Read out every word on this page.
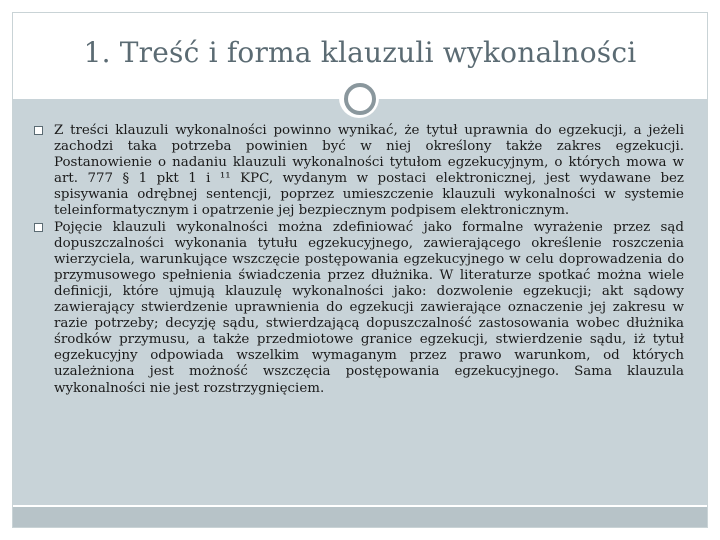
1. Treść i forma klauzuli wykonalności
Z treści klauzuli wykonalności powinno wynikać, że tytuł uprawnia do egzekucji, a jeżeli zachodzi taka potrzeba powinien być w niej określony także zakres egzekucji. Postanowienie o nadaniu klauzuli wykonalności tytułom egzekucyjnym, o których mowa w art. 777 § 1 pkt 1 i ¹¹ KPC, wydanym w postaci elektronicznej, jest wydawane bez spisywania odrębnej sentencji, poprzez umieszczenie klauzuli wykonalności w systemie teleinformatycznym i opatrzenie jej bezpiecznym podpisem elektronicznym.
Pojęcie klauzuli wykonalności można zdefiniować jako formalne wyrażenie przez sąd dopuszczalności wykonania tytułu egzekucyjnego, zawierającego określenie roszczenia wierzyciela, warunkujące wszczęcie postępowania egzekucyjnego w celu doprowadzenia do przymusowego spełnienia świadczenia przez dłużnika. W literaturze spotkać można wiele definicji, które ujmują klauzulę wykonalności jako: dozwolenie egzekucji; akt sądowy zawierający stwierdzenie uprawnienia do egzekucji zawierające oznaczenie jej zakresu w razie potrzeby; decyzję sądu, stwierdzającą dopuszczalność zastosowania wobec dłużnika środków przymusu, a także przedmiotowe granice egzekucji, stwierdzenie sądu, iż tytuł egzekucyjny odpowiada wszelkim wymaganym przez prawo warunkom, od których uzależniona jest możność wszczęcia postępowania egzekucyjnego. Sama klauzula wykonalności nie jest rozstrzygnięciem.
